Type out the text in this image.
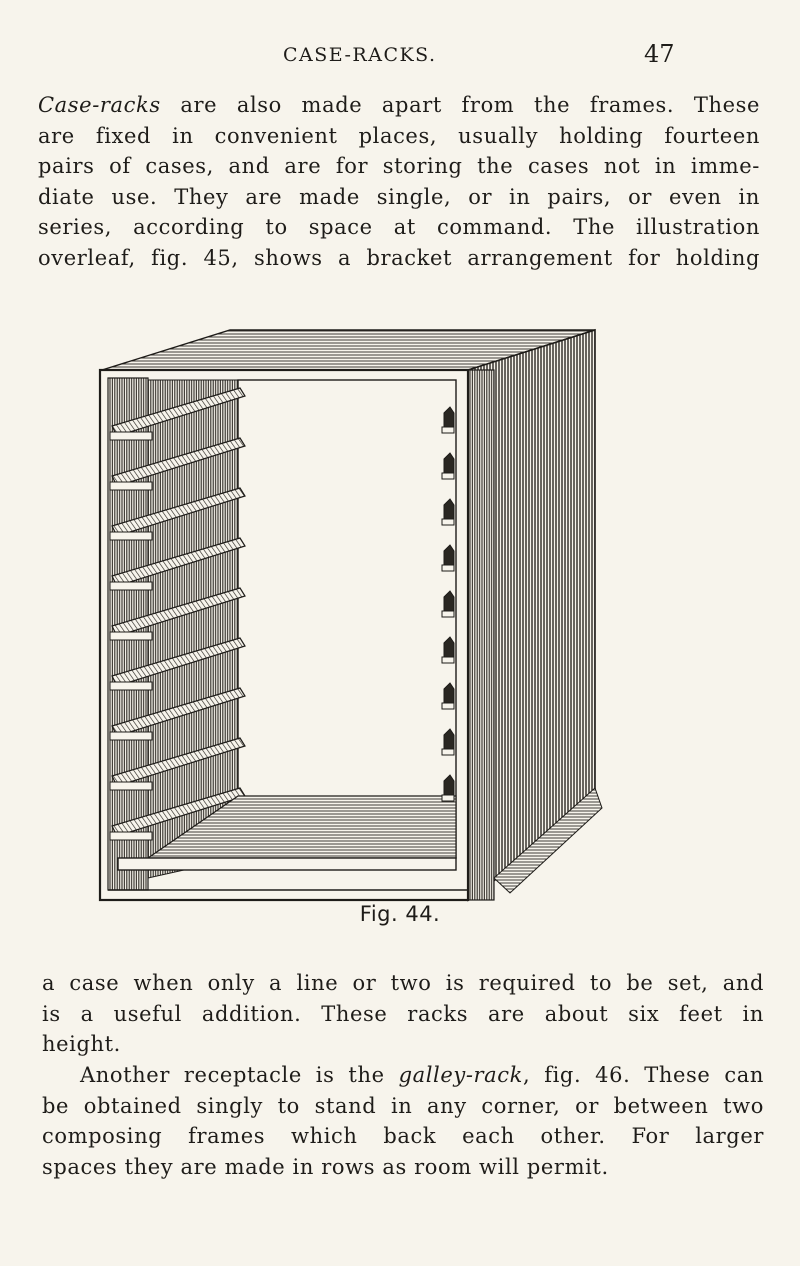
CASE-RACKS.	47
Case-racks are also made apart from the frames. These
are fixed in convenient places, usually holding fourteen
pairs of cases, and are for storing the cases not in imme-
diate use. They are made single, or in pairs, or even in
series, according to space at command. The illustration
overleaf, fig. 45, shows a bracket arrangement for holding
Fig. 44.
a case when only a line or two is required to be set, and
is a useful addition. These racks are about six feet in
height.
Another receptacle is the galley-rack, fig. 46. These can
be obtained singly to stand in any corner, or between two
composing frames which back each other. For larger
spaces they are made in rows as room will permit.
